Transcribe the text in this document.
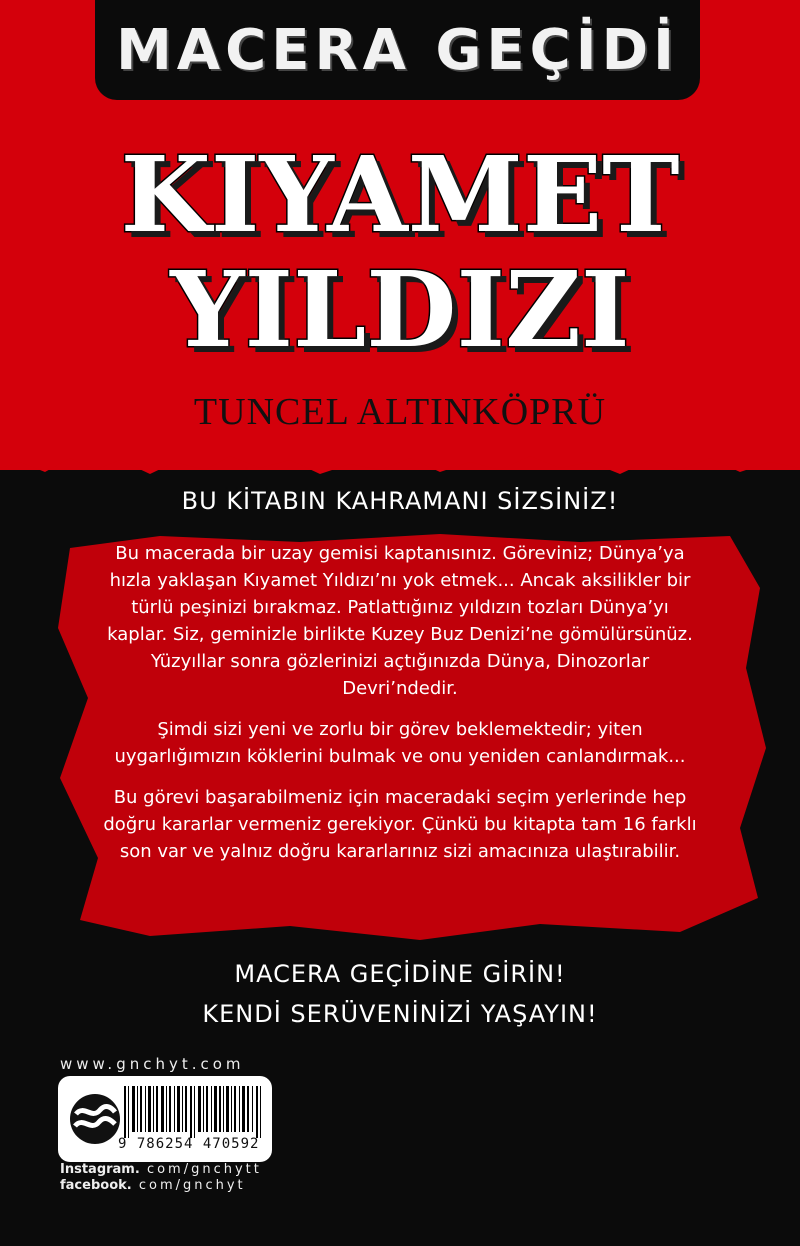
MACERA GEÇİDİ
KIYAMET
YILDIZI
TUNCEL ALTINKÖPRÜ
BU KİTABIN KAHRAMANI SİZSİNİZ!

Bu macerada bir uzay gemisi kaptanısınız. Göreviniz; Dünya’ya hızla yaklaşan Kıyamet Yıldızı’nı yok etmek... Ancak aksilikler bir türlü peşinizi bırakmaz. Patlattığınız yıldızın tozları Dünya’yı kaplar. Siz, geminizle birlikte Kuzey Buz Denizi’ne gömülürsünüz. Yüzyıllar sonra gözlerinizi açtığınızda Dünya, Dinozorlar Devri’ndedir.

Şimdi sizi yeni ve zorlu bir görev beklemektedir; yiten uygarlığımızın köklerini bulmak ve onu yeniden canlandırmak...

Bu görevi başarabilmeniz için maceradaki seçim yerlerinde hep doğru kararlar vermeniz gerekiyor. Çünkü bu kitapta tam 16 farklı son var ve yalnız doğru kararlarınız sizi amacınıza ulaştırabilir.

MACERA GEÇİDİNE GİRİN!
KENDİ SERÜVENİNİZİ YAŞAYIN!
www.gnchyt.com
9 786254 470592
Instagram. com/gnchytt
facebook. com/gnchyt
